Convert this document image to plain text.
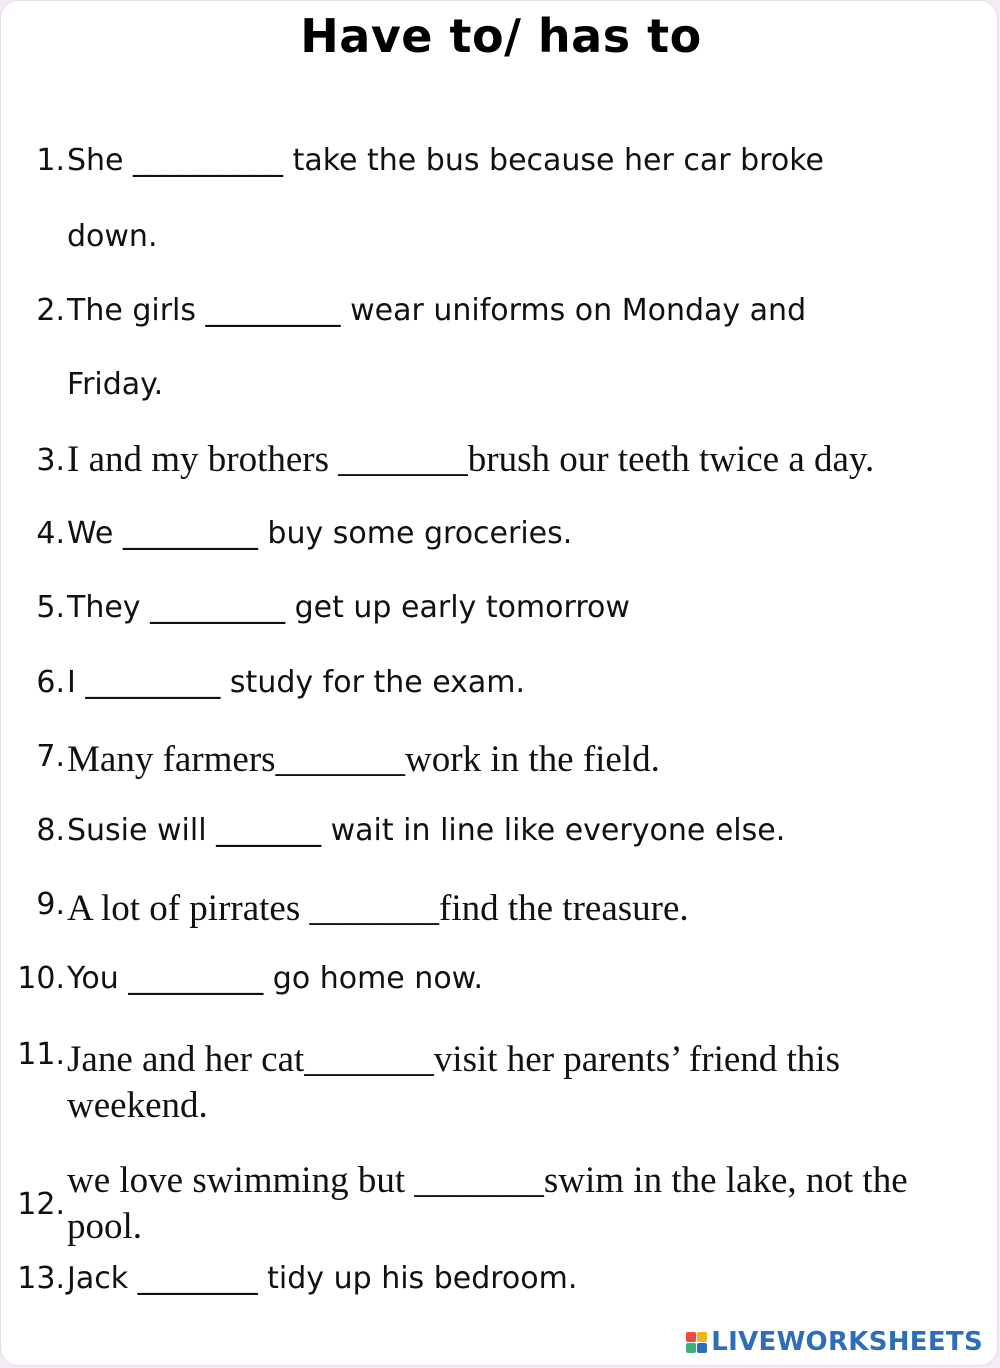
Have to/ has to
1. She __________ take the bus because her car broke
down.
2. The girls _________ wear uniforms on Monday and
Friday.
3. I and my brothers _______brush our teeth twice a day.
4. We _________ buy some groceries.
5. They _________ get up early tomorrow
6. I _________ study for the exam.
7. Many farmers_______work in the field.
8. Susie will _______ wait in line like everyone else.
9. A lot of pirrates _______find the treasure.
10. You _________ go home now.
11. Jane and her cat_______visit her parents’ friend this
weekend.
12.
we love swimming but _______swim in the lake, not the
pool.
13. Jack ________ tidy up his bedroom.
LIVEWORKSHEETS
